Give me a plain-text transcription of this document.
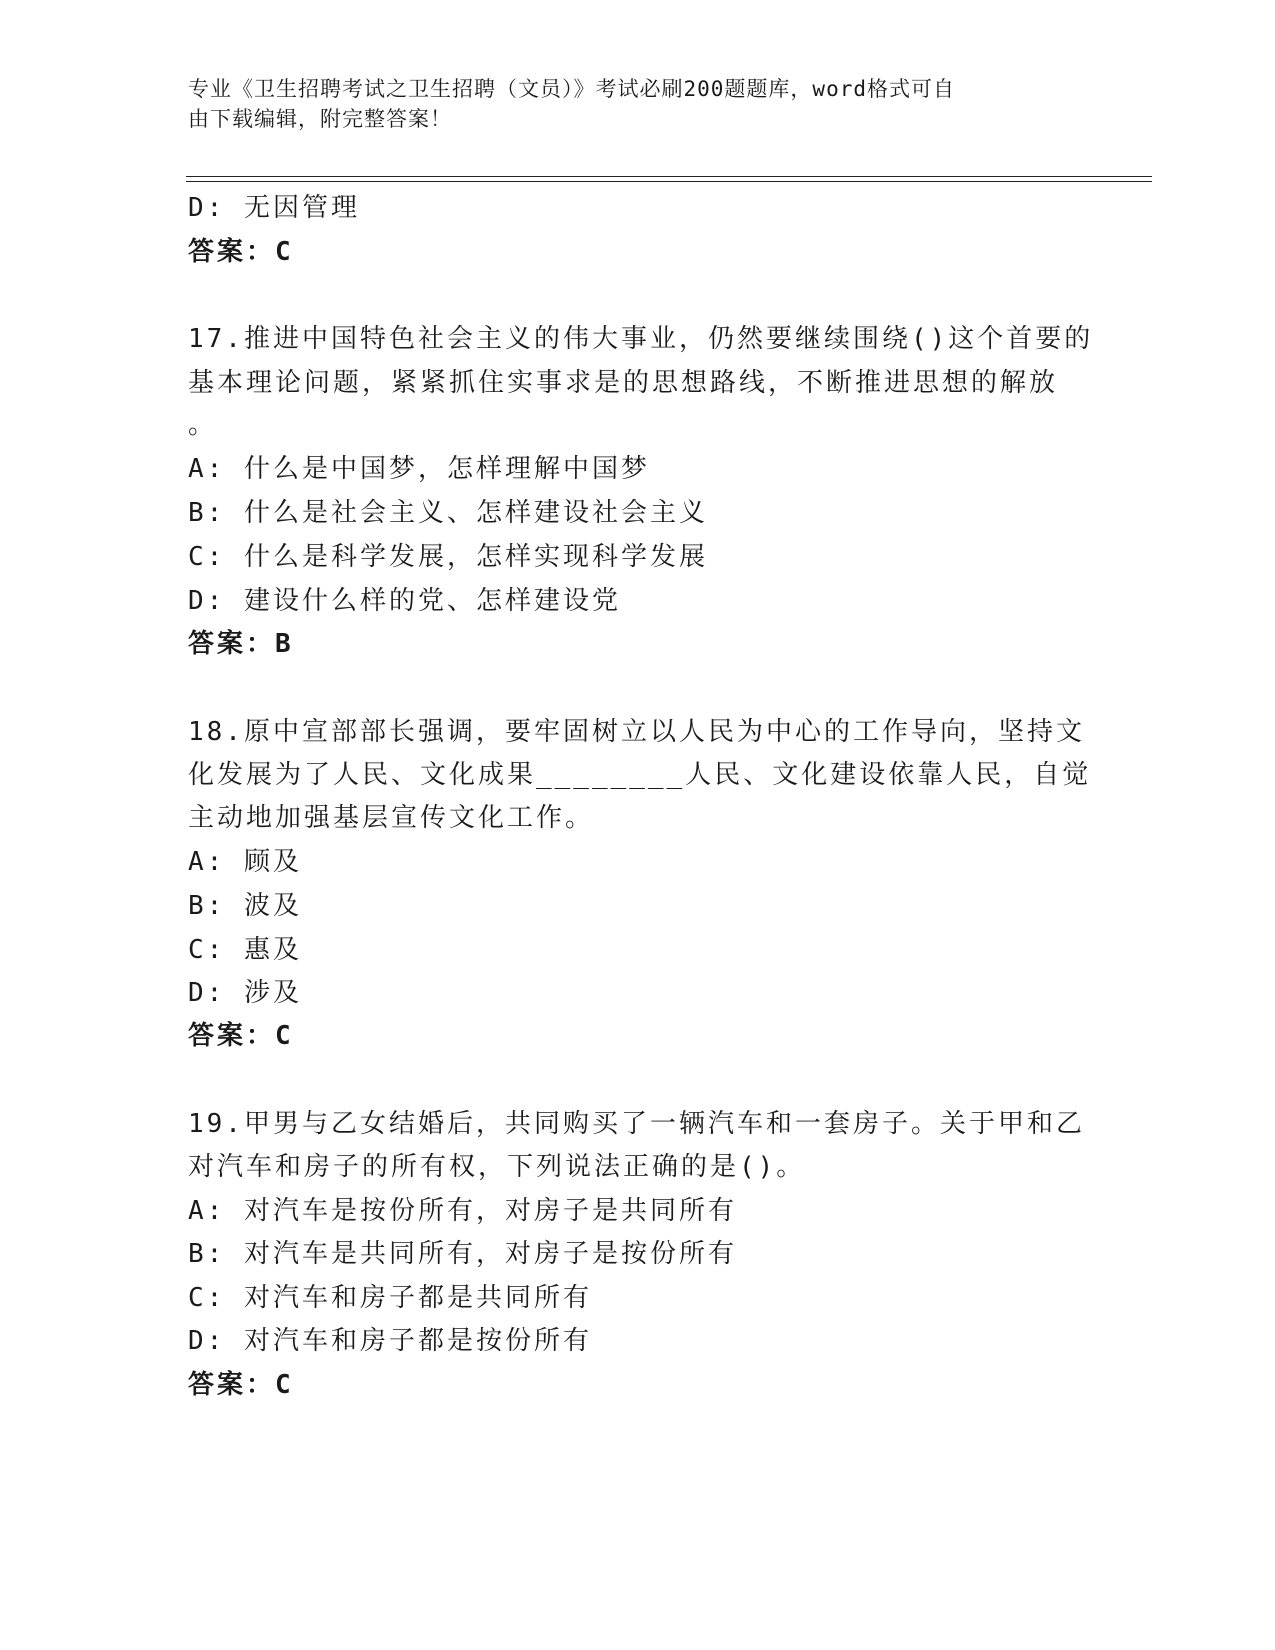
专业《卫生招聘考试之卫生招聘（文员）》考试必刷200题题库，word格式可自
由下载编辑，附完整答案！
D: 无因管理
答案：C
17.推进中国特色社会主义的伟大事业，仍然要继续围绕()这个首要的
基本理论问题，紧紧抓住实事求是的思想路线，不断推进思想的解放
。
A: 什么是中国梦，怎样理解中国梦
B: 什么是社会主义、怎样建设社会主义
C: 什么是科学发展，怎样实现科学发展
D: 建设什么样的党、怎样建设党
答案：B
18.原中宣部部长强调，要牢固树立以人民为中心的工作导向，坚持文
化发展为了人民、文化成果________人民、文化建设依靠人民，自觉
主动地加强基层宣传文化工作。
A: 顾及
B: 波及
C: 惠及
D: 涉及
答案：C
19.甲男与乙女结婚后，共同购买了一辆汽车和一套房子。关于甲和乙
对汽车和房子的所有权，下列说法正确的是()。
A: 对汽车是按份所有，对房子是共同所有
B: 对汽车是共同所有，对房子是按份所有
C: 对汽车和房子都是共同所有
D: 对汽车和房子都是按份所有
答案：C
